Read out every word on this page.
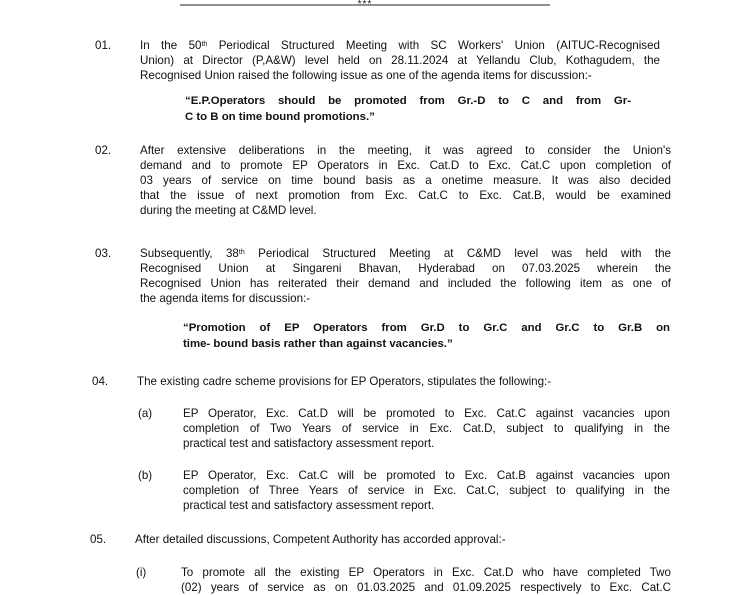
***
01. In the 50th Periodical Structured Meeting with SC Workers' Union (AITUC-Recognised
Union) at Director (P,A&W) level held on 28.11.2024 at Yellandu Club, Kothagudem, the
Recognised Union raised the following issue as one of the agenda items for discussion:-
“E.P.Operators should be promoted from Gr.-D to C and from Gr-
C to B on time bound promotions.”
02. After extensive deliberations in the meeting, it was agreed to consider the Union's
demand and to promote EP Operators in Exc. Cat.D to Exc. Cat.C upon completion of
03 years of service on time bound basis as a onetime measure. It was also decided
that the issue of next promotion from Exc. Cat.C to Exc. Cat.B, would be examined
during the meeting at C&MD level.
03. Subsequently, 38th Periodical Structured Meeting at C&MD level was held with the
Recognised Union at Singareni Bhavan, Hyderabad on 07.03.2025 wherein the
Recognised Union has reiterated their demand and included the following item as one of
the agenda items for discussion:-
“Promotion of EP Operators from Gr.D to Gr.C and Gr.C to Gr.B on
time- bound basis rather than against vacancies.”
04. The existing cadre scheme provisions for EP Operators, stipulates the following:-
(a)	EP Operator, Exc. Cat.D will be promoted to Exc. Cat.C against vacancies upon
completion of Two Years of service in Exc. Cat.D, subject to qualifying in the
practical test and satisfactory assessment report.
(b)	EP Operator, Exc. Cat.C will be promoted to Exc. Cat.B against vacancies upon
completion of Three Years of service in Exc. Cat.C, subject to qualifying in the
practical test and satisfactory assessment report.
05. After detailed discussions, Competent Authority has accorded approval:-
(i)	To promote all the existing EP Operators in Exc. Cat.D who have completed Two
(02) years of service as on 01.03.2025 and 01.09.2025 respectively to Exc. Cat.C
